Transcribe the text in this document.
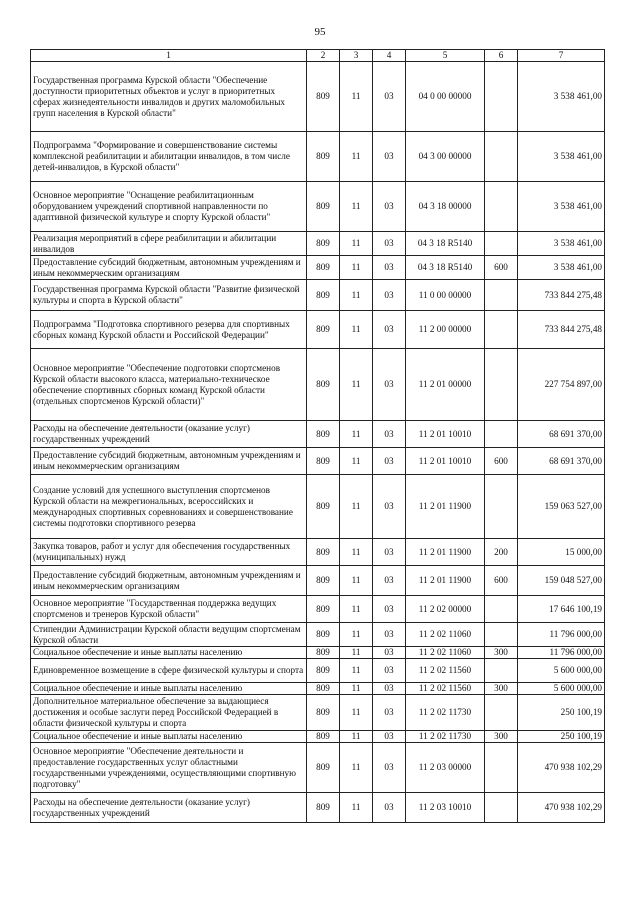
95
1	2	3	4	5	6	7
Государственная программа Курской области "Обеспечение доступности приоритетных объектов и услуг в приоритетных сферах жизнедеятельности инвалидов и других маломобильных групп населения в Курской области"	809	11	03	04 0 00 00000		3 538 461,00
Подпрограмма "Формирование и совершенствование системы комплексной реабилитации и абилитации инвалидов, в том числе детей-инвалидов, в Курской области"	809	11	03	04 3 00 00000		3 538 461,00
Основное мероприятие "Оснащение реабилитационным оборудованием учреждений спортивной направленности по адаптивной физической культуре и спорту Курской области"	809	11	03	04 3 18 00000		3 538 461,00
Реализация мероприятий в сфере реабилитации и абилитации инвалидов	809	11	03	04 3 18 R5140		3 538 461,00
Предоставление субсидий бюджетным, автономным учреждениям и иным некоммерческим организациям	809	11	03	04 3 18 R5140	600	3 538 461,00
Государственная программа Курской области "Развитие физической культуры и спорта в Курской области"	809	11	03	11 0 00 00000		733 844 275,48
Подпрограмма "Подготовка спортивного резерва для спортивных сборных команд Курской области и Российской Федерации"	809	11	03	11 2 00 00000		733 844 275,48
Основное мероприятие "Обеспечение подготовки спортсменов Курской области высокого класса, материально-техническое обеспечение спортивных сборных команд Курской области (отдельных спортсменов Курской области)"	809	11	03	11 2 01 00000		227 754 897,00
Расходы на обеспечение деятельности (оказание услуг) государственных учреждений	809	11	03	11 2 01 10010		68 691 370,00
Предоставление субсидий бюджетным, автономным учреждениям и иным некоммерческим организациям	809	11	03	11 2 01 10010	600	68 691 370,00
Создание условий для успешного выступления спортсменов Курской области на межрегиональных, всероссийских и международных спортивных соревнованиях и совершенствование системы подготовки спортивного резерва	809	11	03	11 2 01 11900		159 063 527,00
Закупка товаров, работ и услуг для обеспечения государственных (муниципальных) нужд	809	11	03	11 2 01 11900	200	15 000,00
Предоставление субсидий бюджетным, автономным учреждениям и иным некоммерческим организациям	809	11	03	11 2 01 11900	600	159 048 527,00
Основное мероприятие "Государственная поддержка ведущих спортсменов и тренеров Курской области"	809	11	03	11 2 02 00000		17 646 100,19
Стипендии Администрации Курской области ведущим спортсменам Курской области	809	11	03	11 2 02 11060		11 796 000,00
Социальное обеспечение и иные выплаты населению	809	11	03	11 2 02 11060	300	11 796 000,00
Единовременное возмещение в сфере физической культуры и спорта	809	11	03	11 2 02 11560		5 600 000,00
Социальное обеспечение и иные выплаты населению	809	11	03	11 2 02 11560	300	5 600 000,00
Дополнительное материальное обеспечение за выдающиеся достижения и особые заслуги перед Российской Федерацией в области физической культуры и спорта	809	11	03	11 2 02 11730		250 100,19
Социальное обеспечение и иные выплаты населению	809	11	03	11 2 02 11730	300	250 100,19
Основное мероприятие "Обеспечение деятельности и предоставление государственных услуг областными государственными учреждениями, осуществляющими спортивную подготовку"	809	11	03	11 2 03 00000		470 938 102,29
Расходы на обеспечение деятельности (оказание услуг) государственных учреждений	809	11	03	11 2 03 10010		470 938 102,29
